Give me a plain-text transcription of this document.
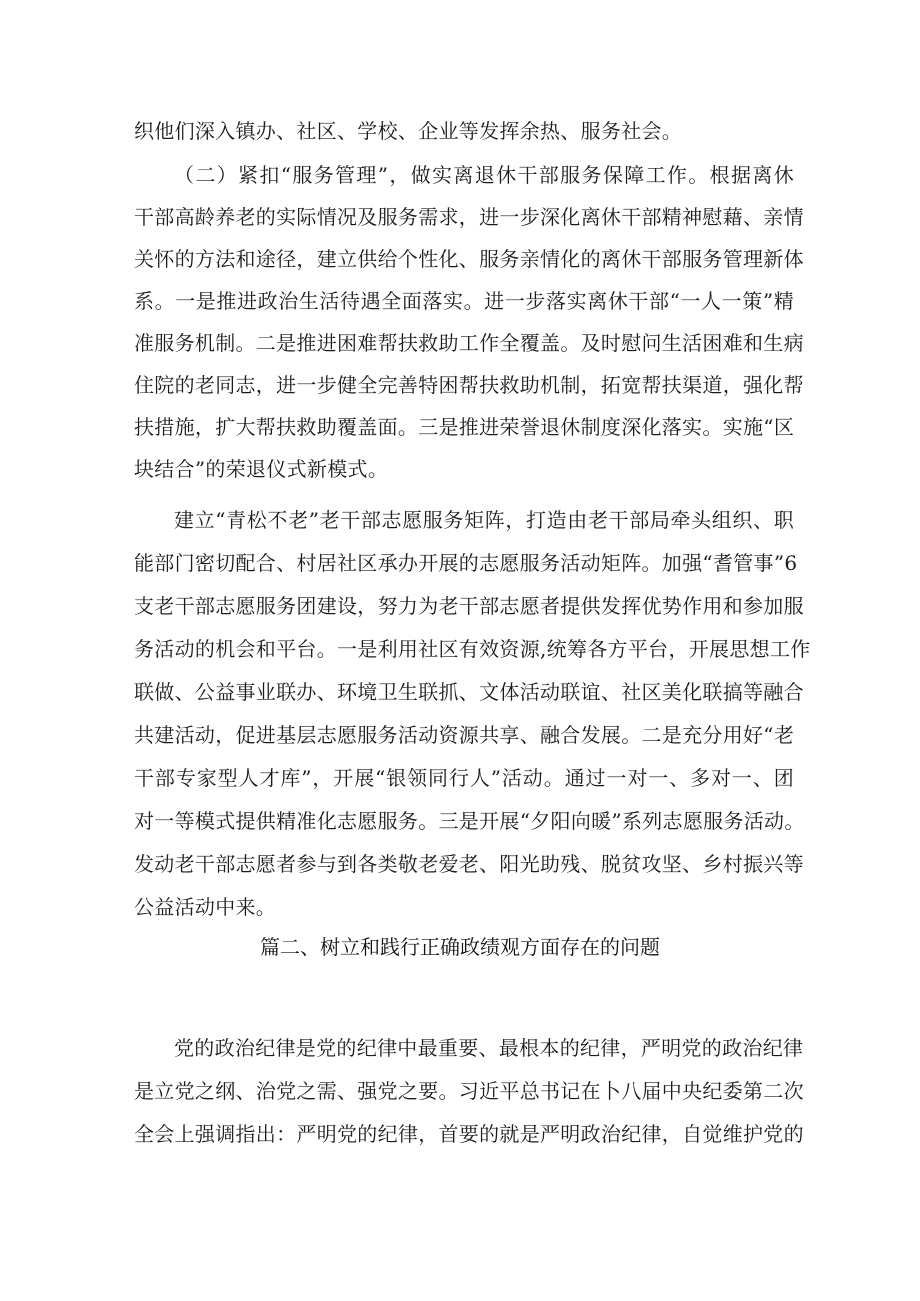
织他们深入镇办、社区、学校、企业等发挥余热、服务社会。
（二）紧扣“服务管理”，做实离退休干部服务保障工作。根据离休
干部高龄养老的实际情况及服务需求，进一步深化离休干部精神慰藉、亲情
关怀的方法和途径，建立供给个性化、服务亲情化的离休干部服务管理新体
系。一是推进政治生活待遇全面落实。进一步落实离休干部“一人一策”精
准服务机制。二是推进困难帮扶救助工作全覆盖。及时慰问生活困难和生病
住院的老同志，进一步健全完善特困帮扶救助机制，拓宽帮扶渠道，强化帮
扶措施，扩大帮扶救助覆盖面。三是推进荣誉退休制度深化落实。实施“区
块结合”的荣退仪式新模式。
建立“青松不老”老干部志愿服务矩阵，打造由老干部局牵头组织、职
能部门密切配合、村居社区承办开展的志愿服务活动矩阵。加强“耆管事”6
支老干部志愿服务团建设，努力为老干部志愿者提供发挥优势作用和参加服
务活动的机会和平台。一是利用社区有效资源,统筹各方平台，开展思想工作
联做、公益事业联办、环境卫生联抓、文体活动联谊、社区美化联搞等融合
共建活动，促进基层志愿服务活动资源共享、融合发展。二是充分用好“老
干部专家型人才库”，开展“银领同行人”活动。通过一对一、多对一、团
对一等模式提供精准化志愿服务。三是开展“夕阳向暖”系列志愿服务活动。
发动老干部志愿者参与到各类敬老爱老、阳光助残、脱贫攻坚、乡村振兴等
公益活动中来。
篇二、树立和践行正确政绩观方面存在的问题
党的政治纪律是党的纪律中最重要、最根本的纪律，严明党的政治纪律
是立党之纲、治党之需、强党之要。习近平总书记在卜八届中央纪委第二次
全会上强调指出：严明党的纪律，首要的就是严明政治纪律，自觉维护党的
